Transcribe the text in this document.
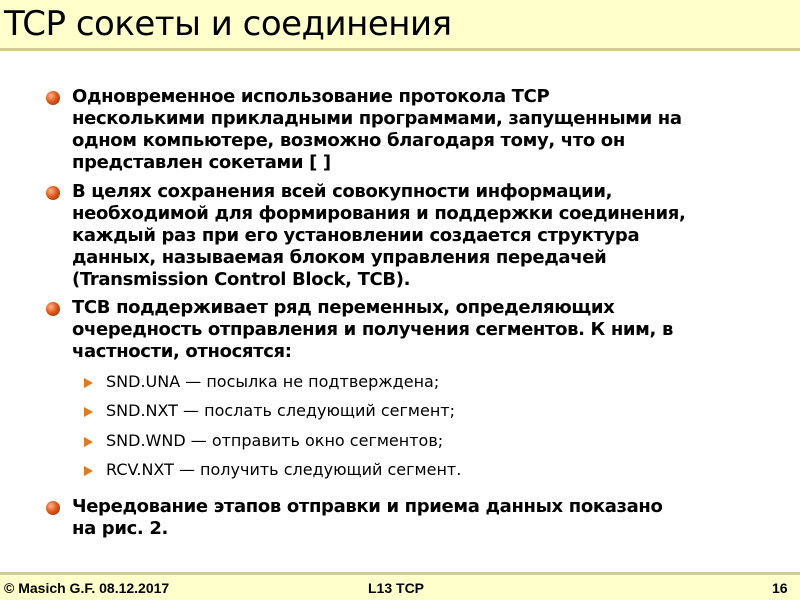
TCP сокеты и соединения
Одновременное использование протокола TCP
несколькими прикладными программами, запущенными на
одном компьютере, возможно благодаря тому, что он
представлен сокетами [ ]
В целях сохранения всей совокупности информации,
необходимой для формирования и поддержки соединения,
каждый раз при его установлении создается структура
данных, называемая блоком управления передачей
(Transmission Control Block, TCB).
TCB поддерживает ряд переменных, определяющих
очередность отправления и получения сегментов. К ним, в
частности, относятся:
SND.UNA — посылка не подтверждена;
SND.NXT — послать следующий сегмент;
SND.WND — отправить окно сегментов;
RCV.NXT — получить следующий сегмент.
Чередование этапов отправки и приема данных показано
на рис. 2.
© Masich G.F. 08.12.2017	L13 TCP	16
